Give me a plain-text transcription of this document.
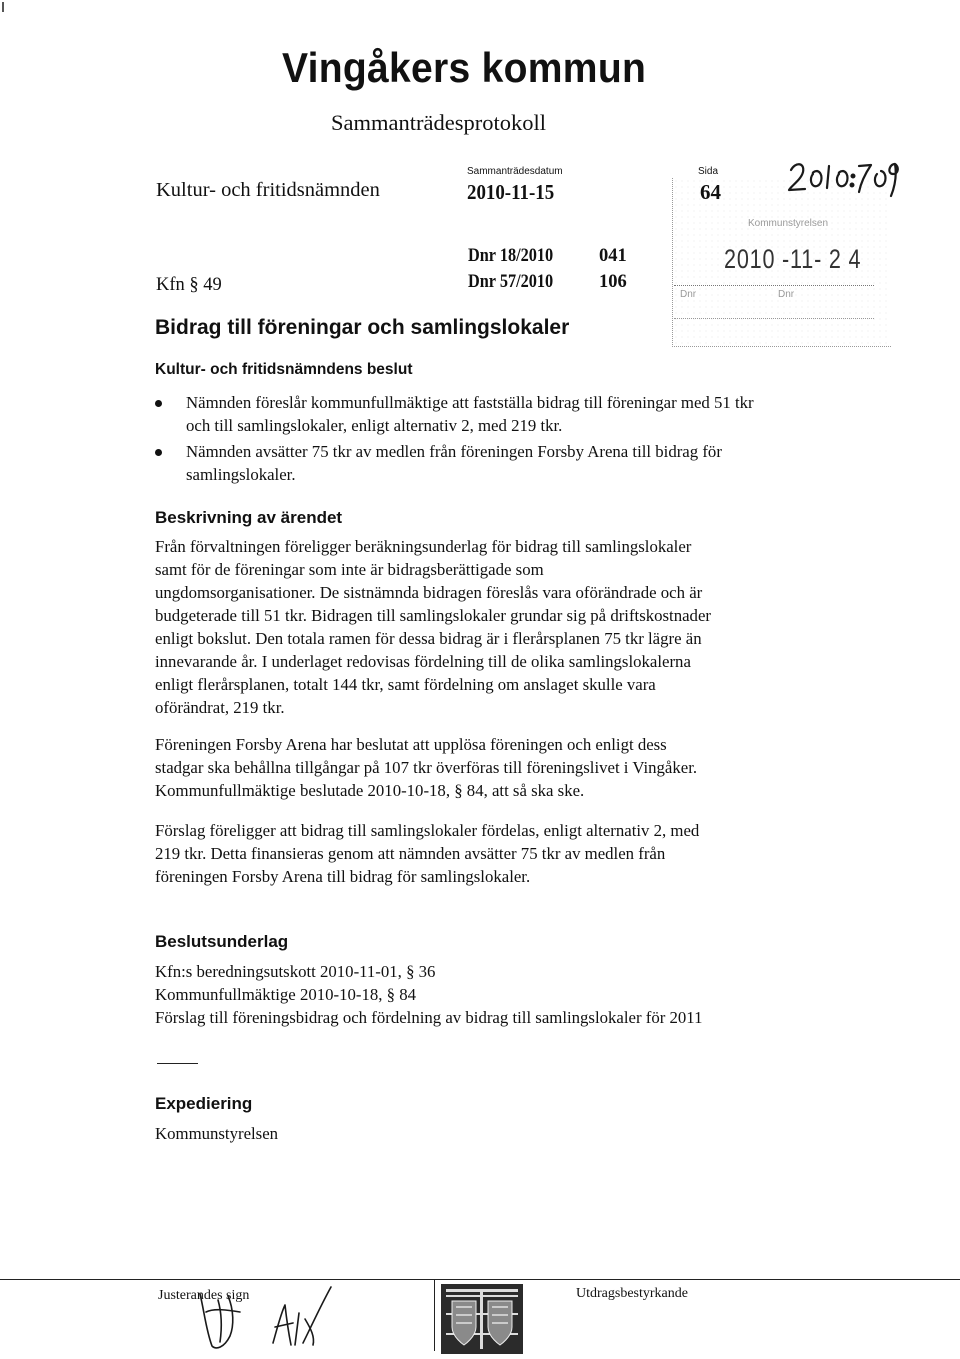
Vingåkers kommun
Sammanträdesprotokoll
Kultur- och fritidsnämnden
Sammanträdesdatum
2010-11-15
Sida
64
Kommunstyrelsen
2010 -11- 2 4
Dnr	Dnr
Kfn § 49
Dnr 18/2010 041
Dnr 57/2010 106
Bidrag till föreningar och samlingslokaler
Kultur- och fritidsnämndens beslut
Nämnden föreslår kommunfullmäktige att fastställa bidrag till föreningar med 51 tkr och till samlingslokaler, enligt alternativ 2, med 219 tkr.
Nämnden avsätter 75 tkr av medlen från föreningen Forsby Arena till bidrag för samlingslokaler.
Beskrivning av ärendet
Från förvaltningen föreligger beräkningsunderlag för bidrag till samlingslokaler
samt för de föreningar som inte är bidragsberättigade som
ungdomsorganisationer. De sistnämnda bidragen föreslås vara oförändrade och är
budgeterade till 51 tkr. Bidragen till samlingslokaler grundar sig på driftskostnader
enligt bokslut. Den totala ramen för dessa bidrag är i flerårsplanen 75 tkr lägre än
innevarande år. I underlaget redovisas fördelning till de olika samlingslokalerna
enligt flerårsplanen, totalt 144 tkr, samt fördelning om anslaget skulle vara
oförändrat, 219 tkr.
Föreningen Forsby Arena har beslutat att upplösa föreningen och enligt dess
stadgar ska behållna tillgångar på 107 tkr överföras till föreningslivet i Vingåker.
Kommunfullmäktige beslutade 2010-10-18, § 84, att så ska ske.
Förslag föreligger att bidrag till samlingslokaler fördelas, enligt alternativ 2, med
219 tkr. Detta finansieras genom att nämnden avsätter 75 tkr av medlen från
föreningen Forsby Arena till bidrag för samlingslokaler.
Beslutsunderlag
Kfn:s beredningsutskott 2010-11-01, § 36
Kommunfullmäktige 2010-10-18, § 84
Förslag till föreningsbidrag och fördelning av bidrag till samlingslokaler för 2011
Expediering
Kommunstyrelsen
Justerandes sign	Utdragsbestyrkande
